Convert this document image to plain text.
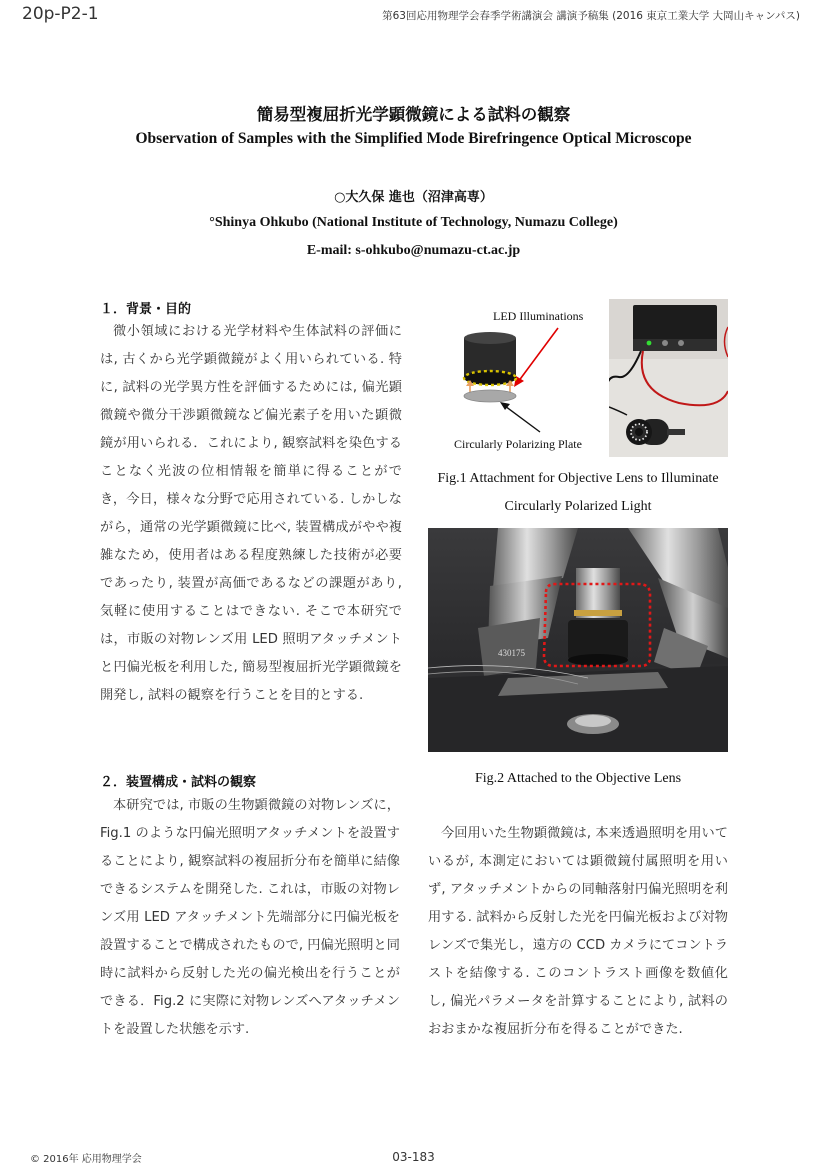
20p-P2-1	第63回応用物理学会春季学術講演会 講演予稿集 (2016 東京工業大学 大岡山キャンパス)
簡易型複屈折光学顕微鏡による試料の観察
Observation of Samples with the Simplified Mode Birefringence Optical Microscope
○大久保 進也（沼津高専）
°Shinya Ohkubo (National Institute of Technology, Numazu College)
E-mail: s-ohkubo@numazu-ct.ac.jp
１．背景・目的

微小領域における光学材料や生体試料の評価には, 古くから光学顕微鏡がよく用いられている. 特に, 試料の光学異方性を評価するためには, 偏光顕微鏡や微分干渉顕微鏡など偏光素子を用いた顕微鏡が用いられる．これにより, 観察試料を染色することなく光波の位相情報を簡単に得ることができ，今日，様々な分野で応用されている. しかしながら，通常の光学顕微鏡に比べ, 装置構成がやや複雑なため，使用者はある程度熟練した技術が必要であったり, 装置が高価であるなどの課題があり, 気軽に使用することはできない. そこで本研究では，市販の対物レンズ用 LED 照明アタッチメントと円偏光板を利用した, 簡易型複屈折光学顕微鏡を開発し, 試料の観察を行うことを目的とする.

２．装置構成・試料の観察

本研究では, 市販の生物顕微鏡の対物レンズに，Fig.1 のような円偏光照明アタッチメントを設置することにより, 観察試料の複屈折分布を簡単に結像できるシステムを開発した. これは，市販の対物レンズ用 LED アタッチメント先端部分に円偏光板を設置することで構成されたもので, 円偏光照明と同時に試料から反射した光の偏光検出を行うことができる．Fig.2 に実際に対物レンズへアタッチメントを設置した状態を示す.

今回用いた生物顕微鏡は, 本来透過照明を用いているが, 本測定においては顕微鏡付属照明を用いず, アタッチメントからの同軸落射円偏光照明を利用する. 試料から反射した光を円偏光板および対物レンズで集光し，遠方の CCD カメラにてコントラストを結像する. このコントラスト画像を数値化し, 偏光パラメータを計算することにより, 試料のおおまかな複屈折分布を得ることができた.

LED Illuminations
Circularly Polarizing Plate
Fig.1 Attachment for Objective Lens to Illuminate
Circularly Polarized Light
430175
Fig.2 Attached to the Objective Lens
© 2016年 応用物理学会	03-183
